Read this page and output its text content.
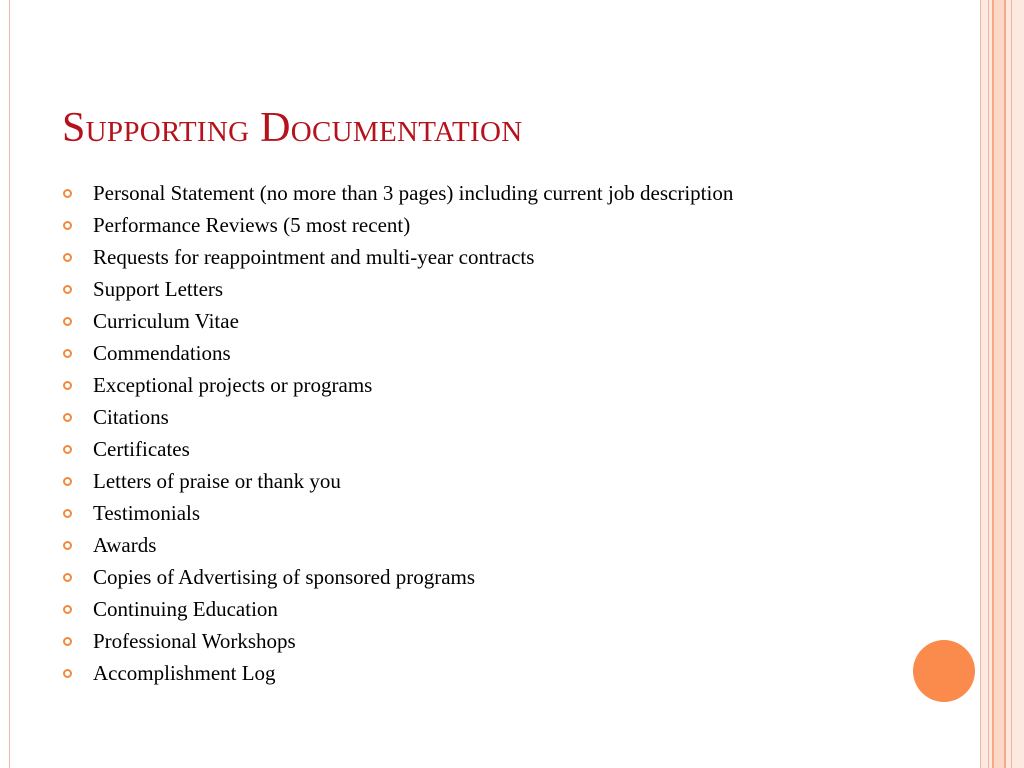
Supporting Documentation
Personal Statement (no more than 3 pages) including current job description
Performance Reviews (5 most recent)
Requests for reappointment and multi-year contracts
Support Letters
Curriculum Vitae
Commendations
Exceptional projects or programs
Citations
Certificates
Letters of praise or thank you
Testimonials
Awards
Copies of Advertising of sponsored programs
Continuing Education
Professional Workshops
Accomplishment Log
